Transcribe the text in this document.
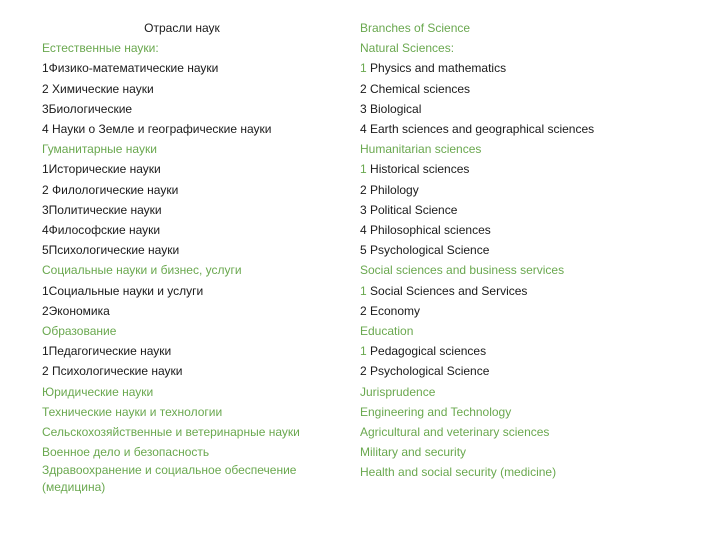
Отрасли наук
Естественные науки:
1Физико-математические науки
2 Химические науки
3Биологические
4 Науки о Земле и географические науки
Гуманитарные науки
1Исторические науки
2 Филологические науки
3Политические науки
4Философские науки
5Психологические науки
Социальные науки и бизнес, услуги
1Социальные науки и услуги
2Экономика
Образование
1Педагогические науки
2 Психологические науки
Юридические науки
Технические науки и технологии
Сельскохозяйственные и ветеринарные науки
Военное дело и безопасность
Здравоохранение и социальное обеспечение (медицина)
Branches of Science
Natural Sciences:
1 Physics and mathematics
2 Chemical sciences
3 Biological
4 Earth sciences and geographical sciences
Humanitarian sciences
1 Historical sciences
2 Philology
3 Political Science
4 Philosophical sciences
5 Psychological Science
Social sciences and business services
1 Social Sciences and Services
2 Economy
Education
1 Pedagogical sciences
2 Psychological Science
Jurisprudence
Engineering and Technology
Agricultural and veterinary sciences
Military and security
Health and social security (medicine)
